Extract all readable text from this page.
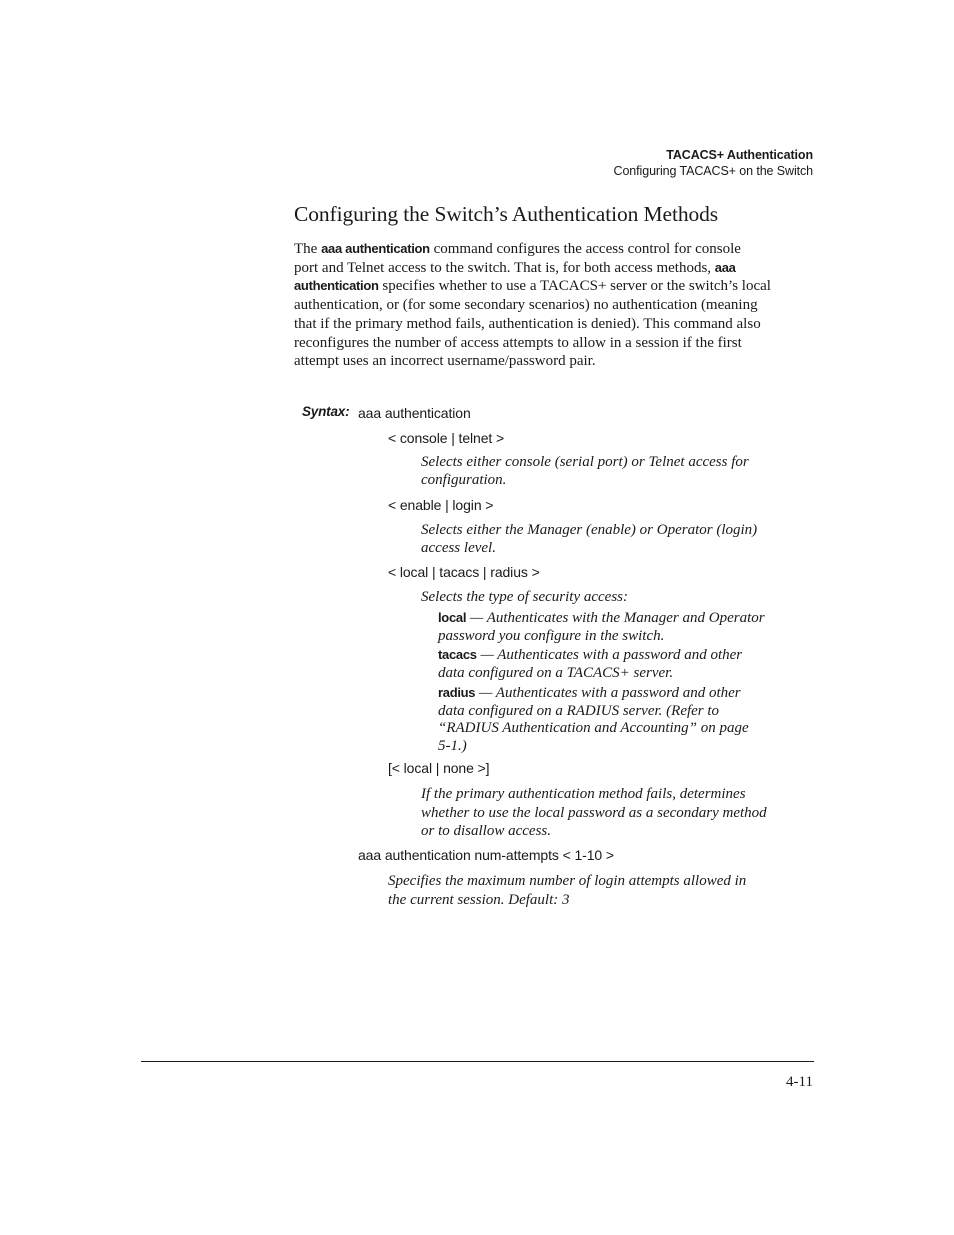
TACACS+ Authentication
Configuring TACACS+ on the Switch
Configuring the Switch’s Authentication Methods

The aaa authentication command configures the access control for console
port and Telnet access to the switch. That is, for both access methods, aaa
authentication specifies whether to use a TACACS+ server or the switch’s local
authentication, or (for some secondary scenarios) no authentication (meaning
that if the primary method fails, authentication is denied). This command also
reconfigures the number of access attempts to allow in a session if the first
attempt uses an incorrect username/password pair.

Syntax: aaa authentication
< console | telnet >
Selects either console (serial port) or Telnet access for
configuration.
< enable | login >
Selects either the Manager (enable) or Operator (login)
access level.
< local | tacacs | radius >
Selects the type of security access:
local — Authenticates with the Manager and Operator
password you configure in the switch.
tacacs — Authenticates with a password and other
data configured on a TACACS+ server.
radius — Authenticates with a password and other
data configured on a RADIUS server. (Refer to
“RADIUS Authentication and Accounting” on page
5-1.)
[< local | none >]
If the primary authentication method fails, determines
whether to use the local password as a secondary method
or to disallow access.
aaa authentication num-attempts < 1-10 >
Specifies the maximum number of login attempts allowed in
the current session. Default: 3
4-11
